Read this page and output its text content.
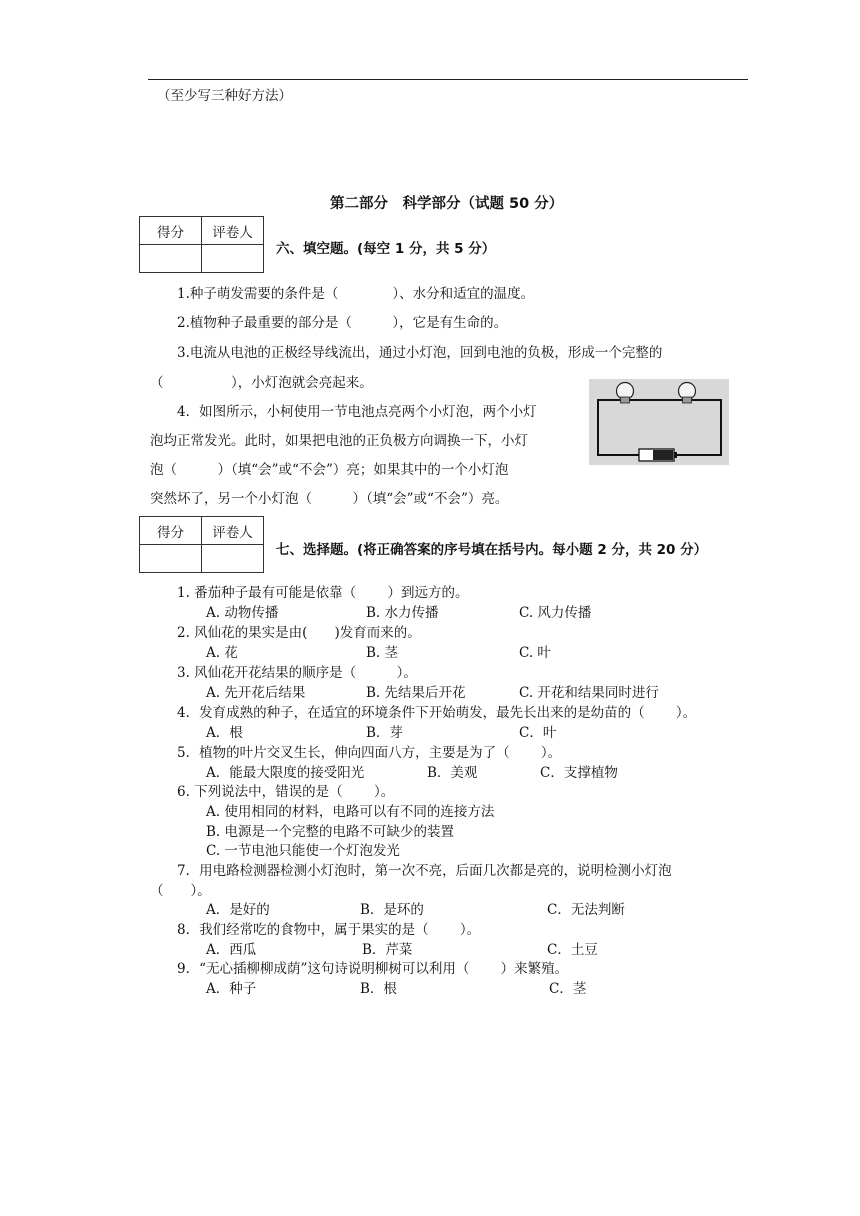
（至少写三种好方法）
第二部分　科学部分（试题 50 分）
得分	评卷人

六、填空题。(每空 1 分，共 5 分）
1.种子萌发需要的条件是（　　　　）、水分和适宜的温度。
2.植物种子最重要的部分是（　　　），它是有生命的。
3.电流从电池的正极经导线流出，通过小灯泡，回到电池的负极，形成一个完整的
（　　　　　），小灯泡就会亮起来。
4．如图所示，小柯使用一节电池点亮两个小灯泡，两个小灯
泡均正常发光。此时，如果把电池的正负极方向调换一下，小灯
泡（　　　）（填“会”或“不会”）亮；如果其中的一个小灯泡
突然坏了，另一个小灯泡（　　　）（填“会”或“不会”）亮。
得分	评卷人

七、选择题。(将正确答案的序号填在括号内。每小题 2 分，共 20 分）
1. 番茄种子最有可能是依靠（　　 ）到远方的。
A. 动物传播	B. 水力传播	C. 风力传播
2. 风仙花的果实是由(　　)发育而来的。
A. 花	B. 茎	C. 叶
3. 风仙花开花结果的顺序是（　　　）。
A. 先开花后结果	B. 先结果后开花	C. 开花和结果同时进行
4．发育成熟的种子，在适宜的环境条件下开始萌发，最先长出来的是幼苗的（　　 ）。
A．根	B．芽	C．叶
5．植物的叶片交叉生长，伸向四面八方，主要是为了（　　 ）。
A．能最大限度的接受阳光	B．美观	C．支撑植物
6. 下列说法中，错误的是（　　 ）。
A. 使用相同的材料，电路可以有不同的连接方法
B. 电源是一个完整的电路不可缺少的装置
C. 一节电池只能使一个灯泡发光
7．用电路检测器检测小灯泡时，第一次不亮，后面几次都是亮的，说明检测小灯泡
（　　）。
A．是好的	B．是环的	C．无法判断
8．我们经常吃的食物中，属于果实的是（　　 ）。
A．西瓜	B．芹菜	C．土豆
9．“无心插柳柳成荫”这句诗说明柳树可以利用（　　 ）来繁殖。
A．种子	B．根	C．茎
